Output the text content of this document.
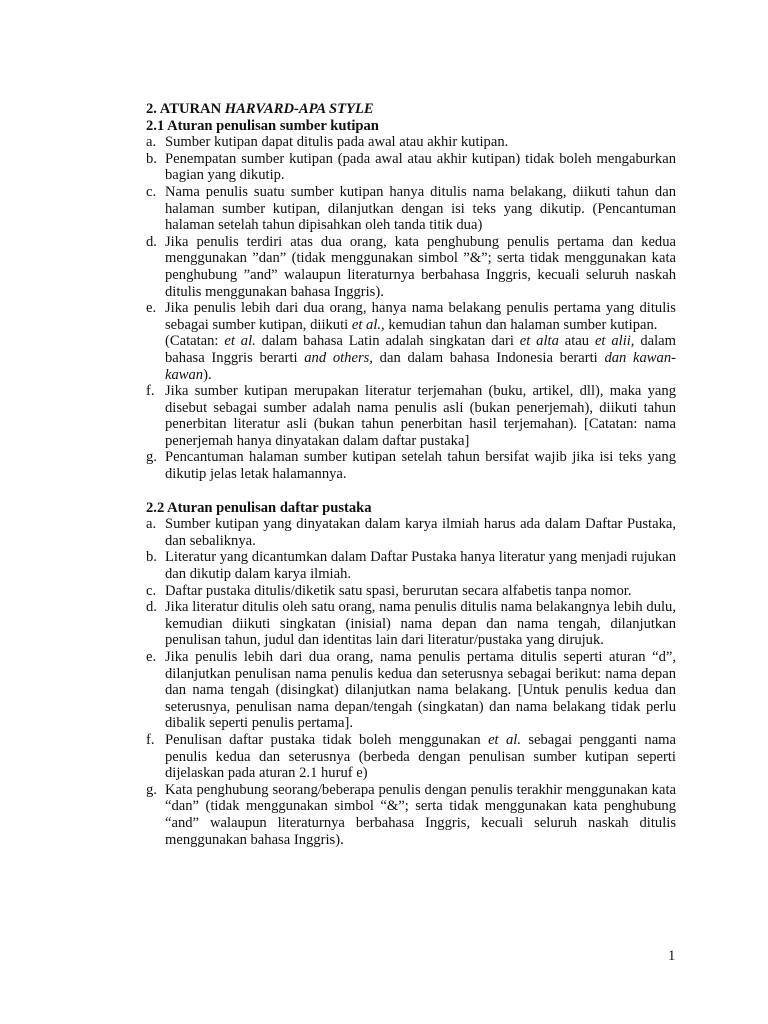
2. ATURAN HARVARD-APA STYLE

2.1 Aturan penulisan sumber kutipan

a. Sumber kutipan dapat ditulis pada awal atau akhir kutipan.
b. Penempatan sumber kutipan (pada awal atau akhir kutipan) tidak boleh mengaburkan bagian yang dikutip.
c. Nama penulis suatu sumber kutipan hanya ditulis nama belakang, diikuti tahun dan halaman sumber kutipan, dilanjutkan dengan isi teks yang dikutip. (Pencantuman halaman setelah tahun dipisahkan oleh tanda titik dua)
d. Jika penulis terdiri atas dua orang, kata penghubung penulis pertama dan kedua menggunakan ”dan” (tidak menggunakan simbol ”&”; serta tidak menggunakan kata penghubung ”and” walaupun literaturnya berbahasa Inggris, kecuali seluruh naskah ditulis menggunakan bahasa Inggris).
e. Jika penulis lebih dari dua orang, hanya nama belakang penulis pertama yang ditulis sebagai sumber kutipan, diikuti et al., kemudian tahun dan halaman sumber kutipan.
(Catatan: et al. dalam bahasa Latin adalah singkatan dari et alta atau et alii, dalam bahasa Inggris berarti and others, dan dalam bahasa Indonesia berarti dan kawan-kawan).
f. Jika sumber kutipan merupakan literatur terjemahan (buku, artikel, dll), maka yang disebut sebagai sumber adalah nama penulis asli (bukan penerjemah), diikuti tahun penerbitan literatur asli (bukan tahun penerbitan hasil terjemahan). [Catatan: nama penerjemah hanya dinyatakan dalam daftar pustaka]
g. Pencantuman halaman sumber kutipan setelah tahun bersifat wajib jika isi teks yang dikutip jelas letak halamannya.

2.2 Aturan penulisan daftar pustaka

a. Sumber kutipan yang dinyatakan dalam karya ilmiah harus ada dalam Daftar Pustaka, dan sebaliknya.
b. Literatur yang dicantumkan dalam Daftar Pustaka hanya literatur yang menjadi rujukan dan dikutip dalam karya ilmiah.
c. Daftar pustaka ditulis/diketik satu spasi, berurutan secara alfabetis tanpa nomor.
d. Jika literatur ditulis oleh satu orang, nama penulis ditulis nama belakangnya lebih dulu, kemudian diikuti singkatan (inisial) nama depan dan nama tengah, dilanjutkan penulisan tahun, judul dan identitas lain dari literatur/pustaka yang dirujuk.
e. Jika penulis lebih dari dua orang, nama penulis pertama ditulis seperti aturan “d”, dilanjutkan penulisan nama penulis kedua dan seterusnya sebagai berikut: nama depan dan nama tengah (disingkat) dilanjutkan nama belakang. [Untuk penulis kedua dan seterusnya, penulisan nama depan/tengah (singkatan) dan nama belakang tidak perlu dibalik seperti penulis pertama].
f. Penulisan daftar pustaka tidak boleh menggunakan et al. sebagai pengganti nama penulis kedua dan seterusnya (berbeda dengan penulisan sumber kutipan seperti dijelaskan pada aturan 2.1 huruf e)
g. Kata penghubung seorang/beberapa penulis dengan penulis terakhir menggunakan kata “dan” (tidak menggunakan simbol “&”; serta tidak menggunakan kata penghubung “and” walaupun literaturnya berbahasa Inggris, kecuali seluruh naskah ditulis menggunakan bahasa Inggris).
1
